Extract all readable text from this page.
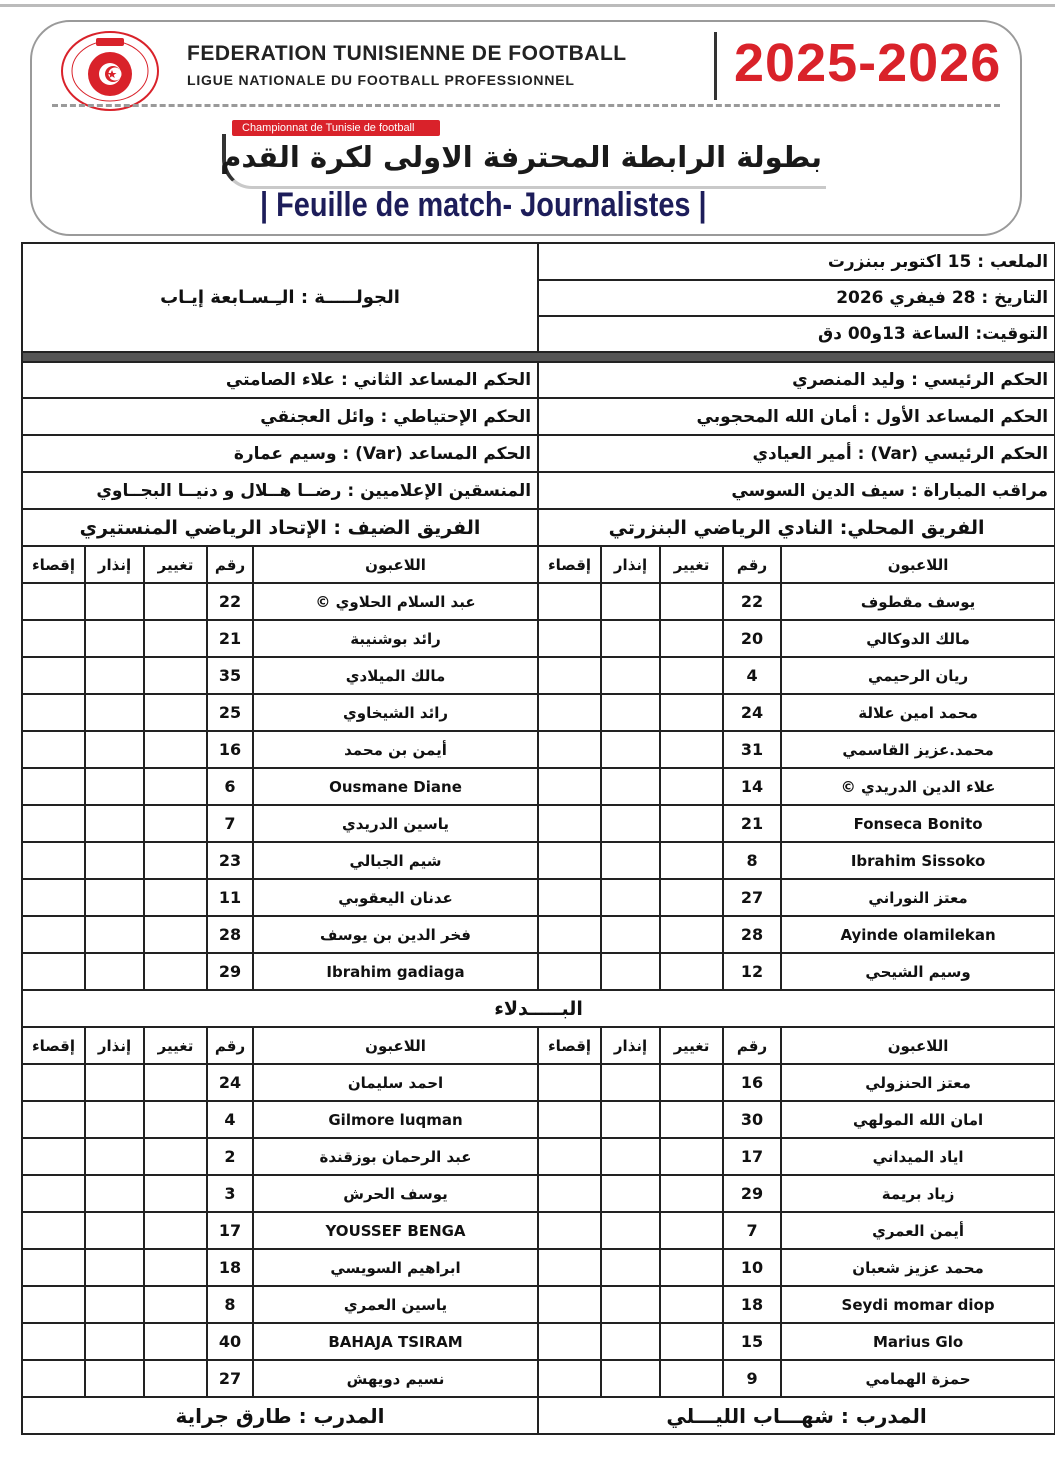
FEDERATION TUNISIENNE DE FOOTBALL
LIGUE NATIONALE DU FOOTBALL PROFESSIONNEL	2025-2026
بطولة الرابطة المحترفة الاولى لكرة القدم
Championnat de Tunisie de football
| Feuille de match- Journalistes |
الجولـــــة : الـِـسـابعة إيـاب					الملعب : 15 اكتوبر ببنزرت				
					التاريخ : 28 فيفري 2026				
					التوقيت: الساعة 13و00 دق				

الحكم المساعد الثاني : علاء الصامتي					الحكم الرئيسي : وليد المنصري				
الحكم الإحتياطي : وائل العجنقي					الحكم المساعد الأول : أمان الله المحجوبي				
الحكم المساعد (Var) : وسيم عمارة					الحكم الرئيسي (Var) : أمير العيادي				
المنسقين الإعلاميين : رضــا هــلال و دنيــا البجــاوي					مراقب المباراة : سيف الدين السوسي				
الفريق الضيف : الإتحاد الرياضي المنستيري					الفريق المحلي: النادي الرياضي البنزرتي				
إقصاء	إنذار	تغيير	رقم	اللاعبون	إقصاء	إنذار	تغيير	رقم	اللاعبون
			22	عبد السلام الحلاوي ©				22	يوسف مقطوف
			21	رائد بوشنيبة				20	مالك الدوكالي
			35	مالك الميلادي				4	ريان الرحيمي
			25	رائد الشيخاوي				24	محمد امين علالة
			16	أيمن بن محمد				31	محمد.عزيز القاسمي
			6	Ousmane Diane				14	علاء الدين الدريدي ©
			7	ياسين الدريدي				21	Fonseca Bonito
			23	شيم الجبالي				8	Ibrahim Sissoko
			11	عدنان اليعقوبي				27	معتز النوراني
			28	فخر الدين بن يوسف				28	Ayinde olamilekan
			29	Ibrahim gadiaga				12	وسيم الشيحي
البـــــدلاء									
إقصاء	إنذار	تغيير	رقم	اللاعبون	إقصاء	إنذار	تغيير	رقم	اللاعبون
			24	احمد سليمان				16	معتز الحنزولي
			4	Gilmore luqman				30	امان الله المولهي
			2	عبد الرحمان بوزقندة				17	اياد الميداني
			3	يوسف الحرش				29	زياد بريمة
			17	YOUSSEF BENGA				7	أيمن العمري
			18	ابراهيم السويسي				10	محمد عزيز شعبان
			8	ياسين العمري				18	Seydi momar diop
			40	BAHAJA TSIRAM				15	Marius Glo
			27	نسيم دويهش				9	حمزة الهمامي
المدرب : طارق جراية					المدرب : شهـــاب الليـــلي				
